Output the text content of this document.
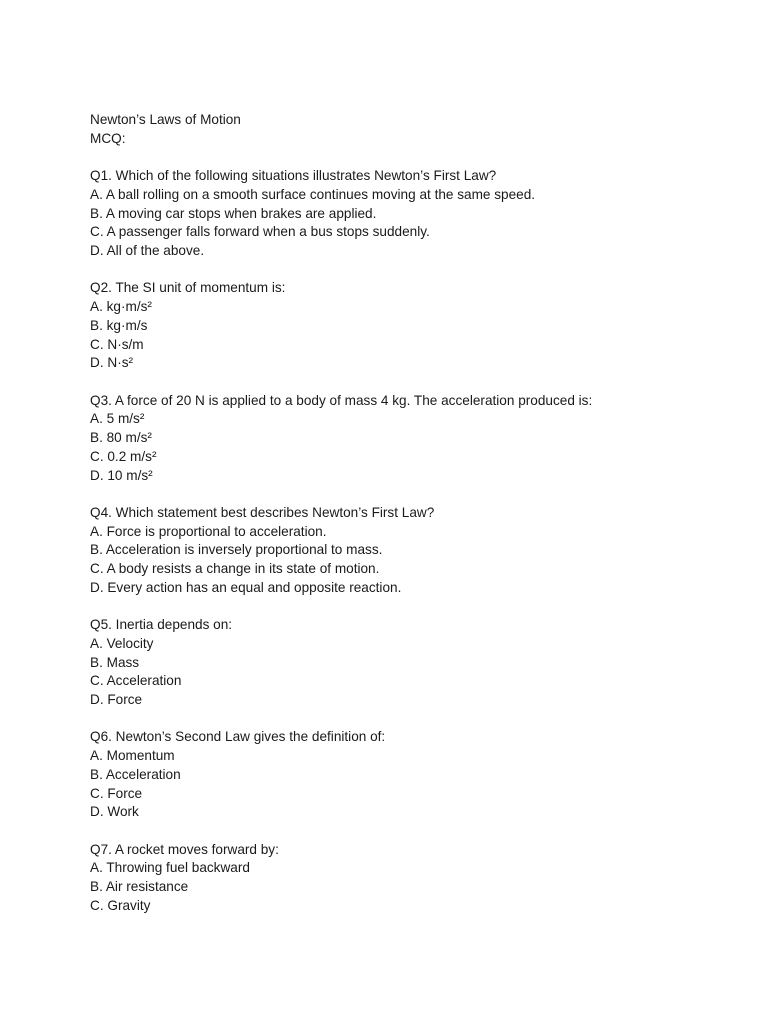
Newton’s Laws of Motion
MCQ:
Q1. Which of the following situations illustrates Newton’s First Law?
A. A ball rolling on a smooth surface continues moving at the same speed.
B. A moving car stops when brakes are applied.
C. A passenger falls forward when a bus stops suddenly.
D. All of the above.
Q2. The SI unit of momentum is:
A. kg·m/s²
B. kg·m/s
C. N·s/m
D. N·s²
Q3. A force of 20 N is applied to a body of mass 4 kg. The acceleration produced is:
A. 5 m/s²
B. 80 m/s²
C. 0.2 m/s²
D. 10 m/s²
Q4. Which statement best describes Newton’s First Law?
A. Force is proportional to acceleration.
B. Acceleration is inversely proportional to mass.
C. A body resists a change in its state of motion.
D. Every action has an equal and opposite reaction.
Q5. Inertia depends on:
A. Velocity
B. Mass
C. Acceleration
D. Force
Q6. Newton’s Second Law gives the definition of:
A. Momentum
B. Acceleration
C. Force
D. Work
Q7. A rocket moves forward by:
A. Throwing fuel backward
B. Air resistance
C. Gravity
